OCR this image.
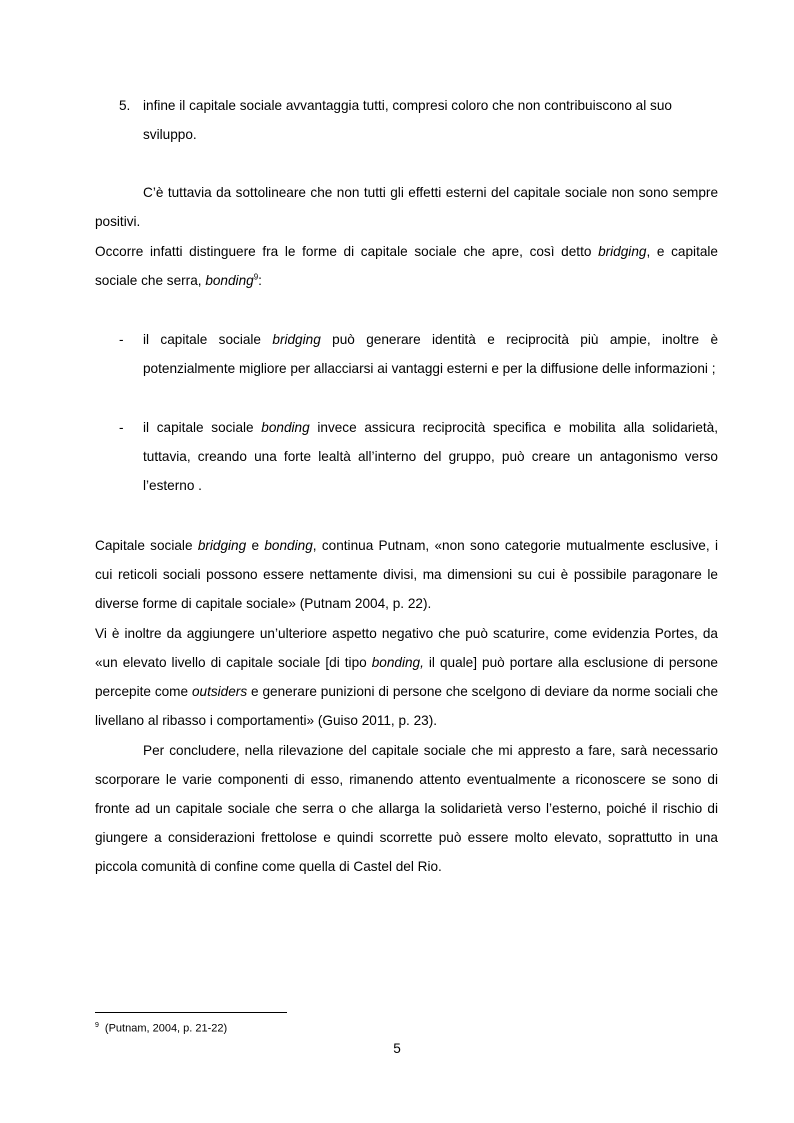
5. infine il capitale sociale avvantaggia tutti, compresi coloro che non contribuiscono al suo sviluppo.
C’è tuttavia da sottolineare che non tutti gli effetti esterni del capitale sociale non sono sempre positivi.
Occorre infatti distinguere fra le forme di capitale sociale che apre, così detto bridging, e capitale sociale che serra, bonding$^9$:
- il capitale sociale bridging può generare identità e reciprocità più ampie, inoltre è potenzialmente migliore per allacciarsi ai vantaggi esterni e per la diffusione delle informazioni ;
- il capitale sociale bonding invece assicura reciprocità specifica e mobilita alla solidarietà, tuttavia, creando una forte lealtà all’interno del gruppo, può creare un antagonismo verso l’esterno .
Capitale sociale bridging e bonding, continua Putnam, «non sono categorie mutualmente esclusive, i cui reticoli sociali possono essere nettamente divisi, ma dimensioni su cui è possibile paragonare le diverse forme di capitale sociale» (Putnam 2004, p. 22).
Vi è inoltre da aggiungere un’ulteriore aspetto negativo che può scaturire, come evidenzia Portes, da «un elevato livello di capitale sociale [di tipo bonding, il quale] può portare alla esclusione di persone percepite come outsiders e generare punizioni di persone che scelgono di deviare da norme sociali che livellano al ribasso i comportamenti» (Guiso 2011, p. 23).
Per concludere, nella rilevazione del capitale sociale che mi appresto a fare, sarà necessario scorporare le varie componenti di esso, rimanendo attento eventualmente a riconoscere se sono di fronte ad un capitale sociale che serra o che allarga la solidarietà verso l’esterno, poiché il rischio di giungere a considerazioni frettolose e quindi scorrette può essere molto elevato, soprattutto in una piccola comunità di confine come quella di Castel del Rio.
$^9$ (Putnam, 2004, p. 21-22)
5
